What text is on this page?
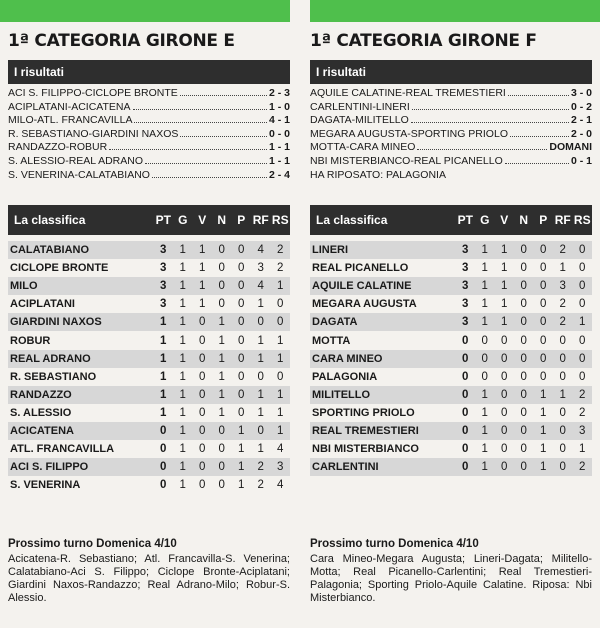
1ª CATEGORIA GIRONE E
I risultati
ACI S. FILIPPO-CICLOPE BRONTE	2 - 3
ACIPLATANI-ACICATENA	1 - 0
MILO-ATL. FRANCAVILLA	4 - 1
R. SEBASTIANO-GIARDINI NAXOS	0 - 0
RANDAZZO-ROBUR	1 - 1
S. ALESSIO-REAL ADRANO	1 - 1
S. VENERINA-CALATABIANO	2 - 4
La classifica	PT G V N P RF RS
CALATABIANO	3	1	1	0	0	4	2
CICLOPE BRONTE	3	1	1	0	0	3	2
MILO	3	1	1	0	0	4	1
ACIPLATANI	3	1	1	0	0	1	0
GIARDINI NAXOS	1	1	0	1	0	0	0
ROBUR	1	1	0	1	0	1	1
REAL ADRANO	1	1	0	1	0	1	1
R. SEBASTIANO	1	1	0	1	0	0	0
RANDAZZO	1	1	0	1	0	1	1
S. ALESSIO	1	1	0	1	0	1	1
ACICATENA	0	1	0	0	1	0	1
ATL. FRANCAVILLA	0	1	0	0	1	1	4
ACI S. FILIPPO	0	1	0	0	1	2	3
S. VENERINA	0	1	0	0	1	2	4
Prossimo turno Domenica 4/10
Acicatena-R. Sebastiano; Atl. Francavilla-S. Venerina; Calatabiano-Aci S. Filippo; Ciclope Bronte-Aciplatani; Giardini Naxos-Randazzo; Real Adrano-Milo; Robur-S. Alessio.
1ª CATEGORIA GIRONE F
I risultati
AQUILE CALATINE-REAL TREMESTIERI	3 - 0
CARLENTINI-LINERI	0 - 2
DAGATA-MILITELLO	2 - 1
MEGARA AUGUSTA-SPORTING PRIOLO	2 - 0
MOTTA-CARA MINEO	DOMANI
NBI MISTERBIANCO-REAL PICANELLO	0 - 1
HA RIPOSATO: PALAGONIA
La classifica	PT G V N P RF RS
LINERI	3	1	1	0	0	2	0
REAL PICANELLO	3	1	1	0	0	1	0
AQUILE CALATINE	3	1	1	0	0	3	0
MEGARA AUGUSTA	3	1	1	0	0	2	0
DAGATA	3	1	1	0	0	2	1
MOTTA	0	0	0	0	0	0	0
CARA MINEO	0	0	0	0	0	0	0
PALAGONIA	0	0	0	0	0	0	0
MILITELLO	0	1	0	0	1	1	2
SPORTING PRIOLO	0	1	0	0	1	0	2
REAL TREMESTIERI	0	1	0	0	1	0	3
NBI MISTERBIANCO	0	1	0	0	1	0	1
CARLENTINI	0	1	0	0	1	0	2
Prossimo turno Domenica 4/10
Cara Mineo-Megara Augusta; Lineri-Dagata; Militello-Motta; Real Picanello-Carlentini; Real Tremestieri-Palagonia; Sporting Priolo-Aquile Calatine. Riposa: Nbi Misterbianco.
